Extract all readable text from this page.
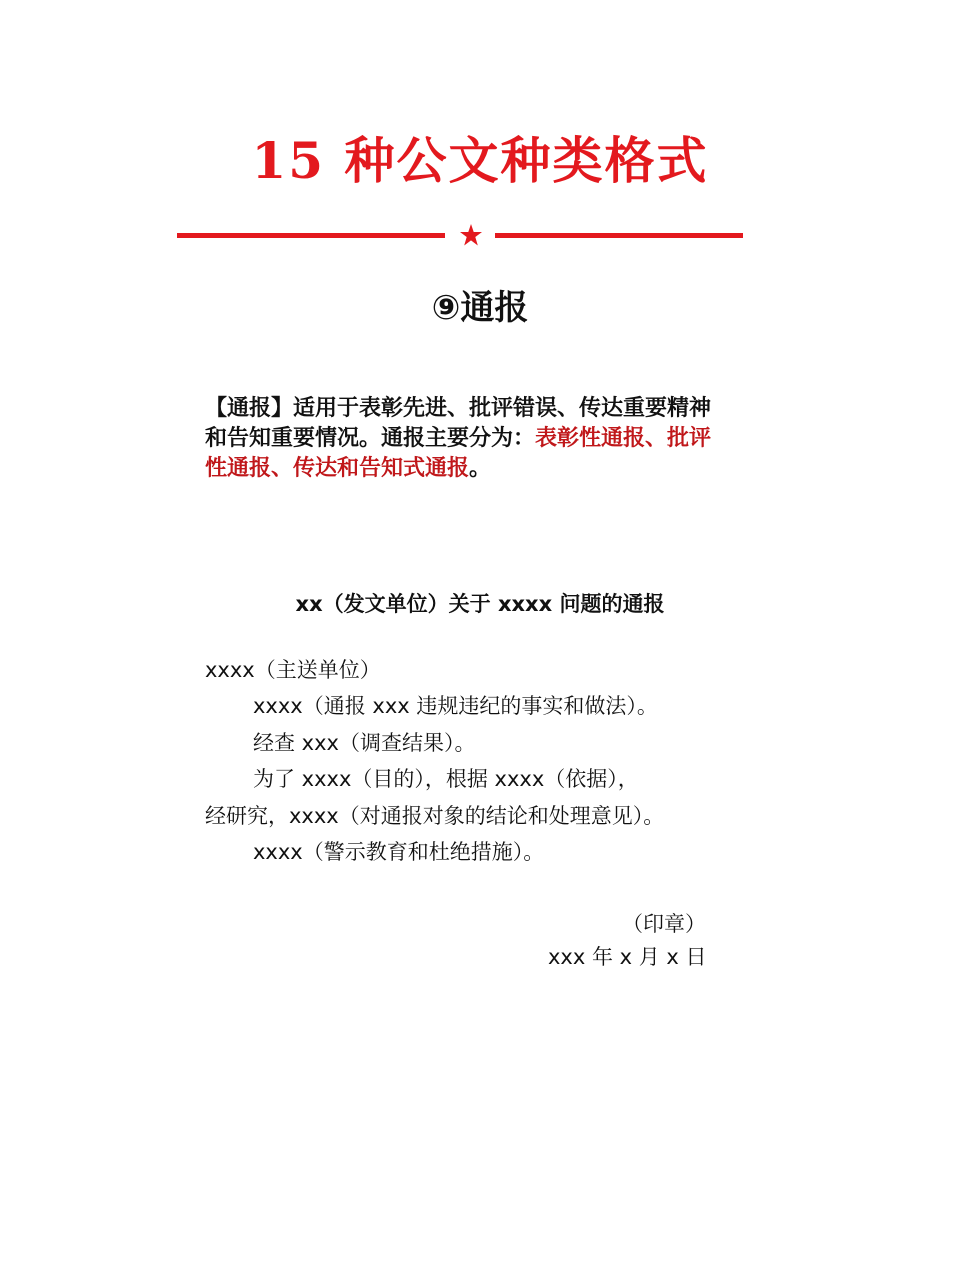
15 种公文种类格式
⑨通报
【通报】适用于表彰先进、批评错误、传达重要精神和告知重要情况。通报主要分为：表彰性通报、批评性通报、传达和告知式通报。
xx（发文单位）关于 xxxx 问题的通报
xxxx（主送单位）
xxxx（通报 xxx 违规违纪的事实和做法）。
经查 xxx（调查结果）。
为了 xxxx（目的），根据 xxxx（依据），
经研究，xxxx（对通报对象的结论和处理意见）。
xxxx（警示教育和杜绝措施）。
（印章）
xxx 年 x 月 x 日
